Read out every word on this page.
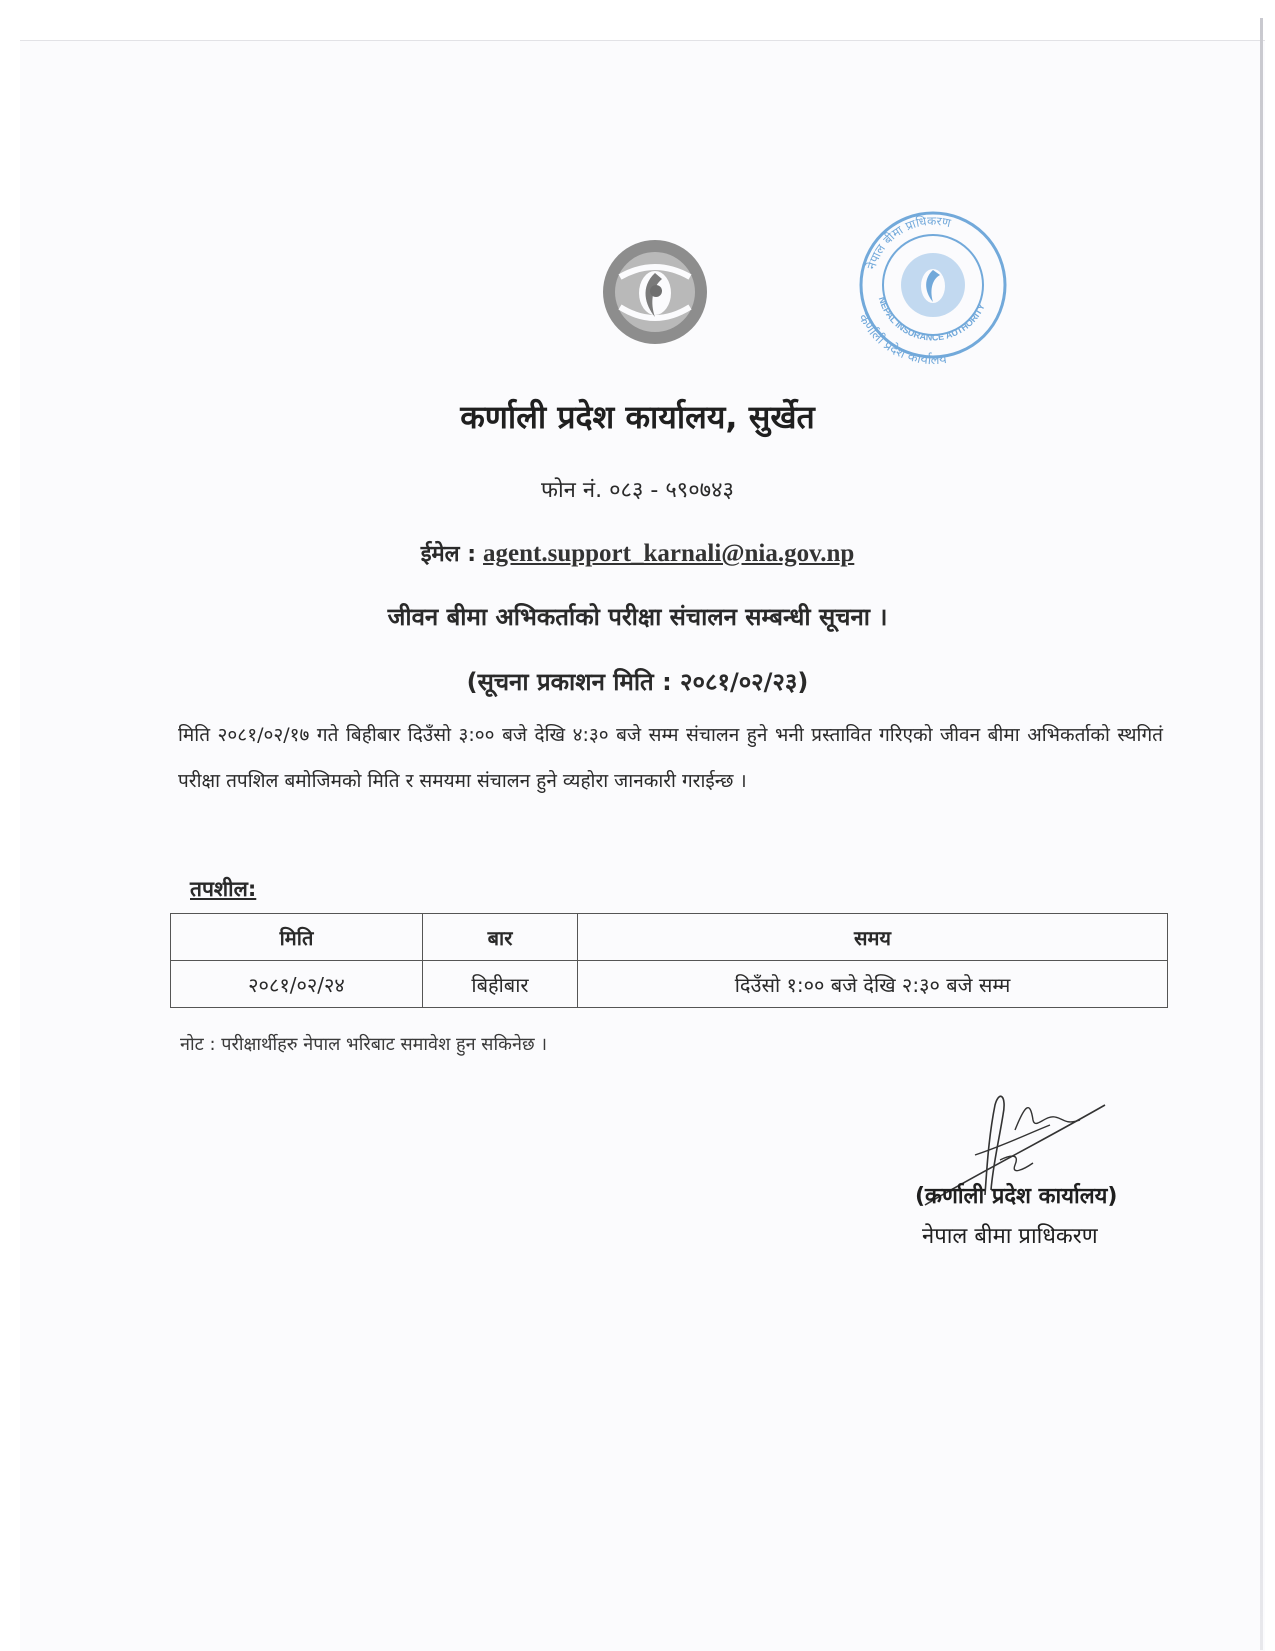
नेपाल बीमा प्राधिकरण
NEPAL INSURANCE AUTHORITY
कर्णाली प्रदेश कार्यालय
कर्णाली प्रदेश कार्यालय, सुर्खेत
फोन नं. ०८३ - ५९०७४३
ईमेल : agent.support_karnali@nia.gov.np
जीवन बीमा अभिकर्ताको परीक्षा संचालन सम्बन्धी सूचना ।
(सूचना प्रकाशन मिति : २०८१/०२/२३)
मिति २०८१/०२/१७ गते बिहीबार दिउँसो ३:०० बजे देखि ४:३० बजे सम्म संचालन हुने भनी प्रस्तावित गरिएको जीवन बीमा अभिकर्ताको स्थगितं परीक्षा तपशिल बमोजिमको मिति र समयमा संचालन हुने व्यहोरा जानकारी गराईन्छ ।
तपशील:
मिति	बार	समय
२०८१/०२/२४	बिहीबार	दिउँसो १:०० बजे देखि २:३० बजे सम्म
नोट : परीक्षार्थीहरु नेपाल भरिबाट समावेश हुन सकिनेछ ।
(कर्णाली प्रदेश कार्यालय)
नेपाल बीमा प्राधिकरण
